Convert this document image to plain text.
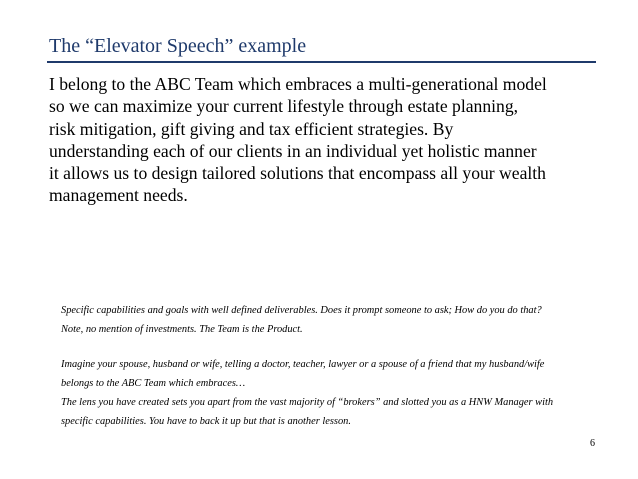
The “Elevator Speech” example
I belong to the ABC Team which embraces a multi-generational model
so we can maximize your current lifestyle through estate planning,
risk mitigation, gift giving and tax efficient strategies. By
understanding each of our clients in an individual yet holistic manner
it allows us to design tailored solutions that encompass all your wealth
management needs.
Specific capabilities and goals with well defined deliverables. Does it prompt someone to ask; How do you do that?
Note, no mention of investments. The Team is the Product.
Imagine your spouse, husband or wife, telling a doctor, teacher, lawyer or a spouse of a friend that my husband/wife
belongs to the ABC Team which embraces…
The lens you have created sets you apart from the vast majority of “brokers” and slotted you as a HNW Manager with
specific capabilities. You have to back it up but that is another lesson.
6
